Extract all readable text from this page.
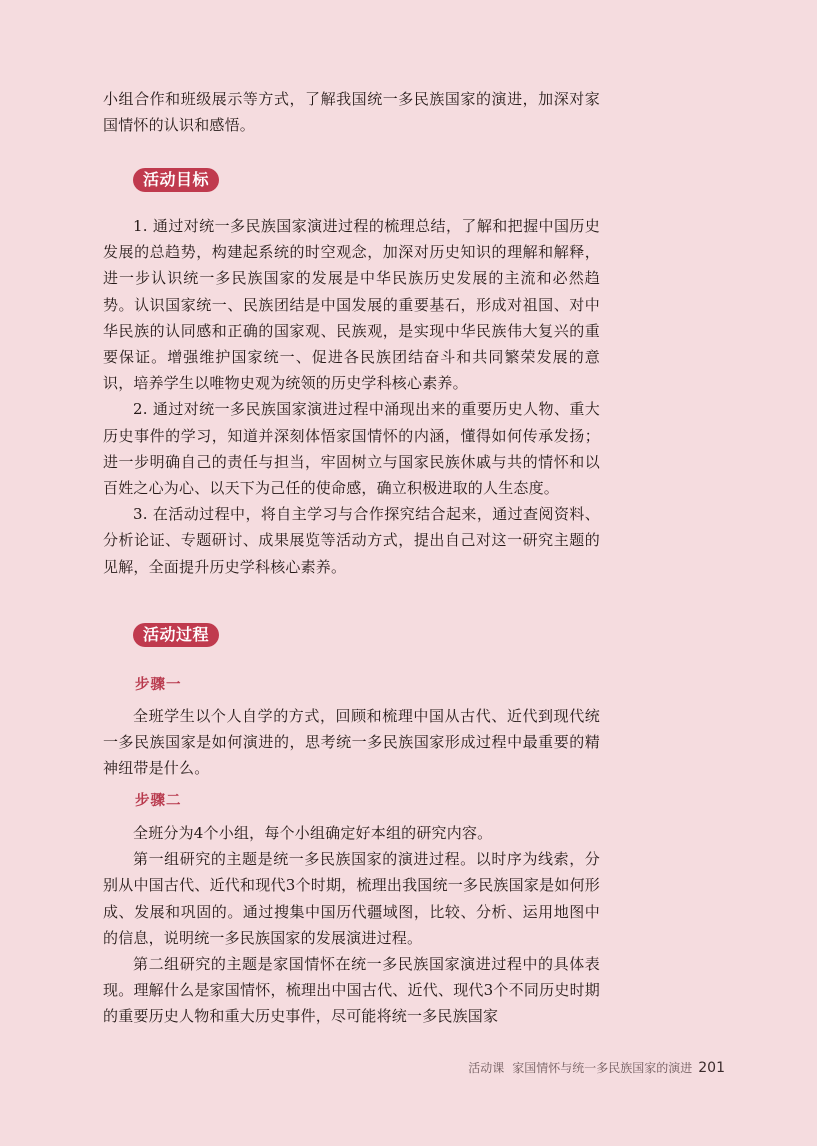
小组合作和班级展示等方式，了解我国统一多民族国家的演进，加深对家国情怀的认识和感悟。

活动目标

1. 通过对统一多民族国家演进过程的梳理总结，了解和把握中国历史发展的总趋势，构建起系统的时空观念，加深对历史知识的理解和解释，进一步认识统一多民族国家的发展是中华民族历史发展的主流和必然趋势。认识国家统一、民族团结是中国发展的重要基石，形成对祖国、对中华民族的认同感和正确的国家观、民族观，是实现中华民族伟大复兴的重要保证。增强维护国家统一、促进各民族团结奋斗和共同繁荣发展的意识，培养学生以唯物史观为统领的历史学科核心素养。

2. 通过对统一多民族国家演进过程中涌现出来的重要历史人物、重大历史事件的学习，知道并深刻体悟家国情怀的内涵，懂得如何传承发扬；进一步明确自己的责任与担当，牢固树立与国家民族休戚与共的情怀和以百姓之心为心、以天下为己任的使命感，确立积极进取的人生态度。

3. 在活动过程中，将自主学习与合作探究结合起来，通过查阅资料、分析论证、专题研讨、成果展览等活动方式，提出自己对这一研究主题的见解，全面提升历史学科核心素养。

活动过程
步骤一

全班学生以个人自学的方式，回顾和梳理中国从古代、近代到现代统一多民族国家是如何演进的，思考统一多民族国家形成过程中最重要的精神纽带是什么。

步骤二

全班分为4个小组，每个小组确定好本组的研究内容。

第一组研究的主题是统一多民族国家的演进过程。以时序为线索，分别从中国古代、近代和现代3个时期，梳理出我国统一多民族国家是如何形成、发展和巩固的。通过搜集中国历代疆域图，比较、分析、运用地图中的信息，说明统一多民族国家的发展演进过程。

第二组研究的主题是家国情怀在统一多民族国家演进过程中的具体表现。理解什么是家国情怀，梳理出中国古代、近代、现代3个不同历史时期的重要历史人物和重大历史事件，尽可能将统一多民族国家

活动课 家国情怀与统一多民族国家的演进 201
